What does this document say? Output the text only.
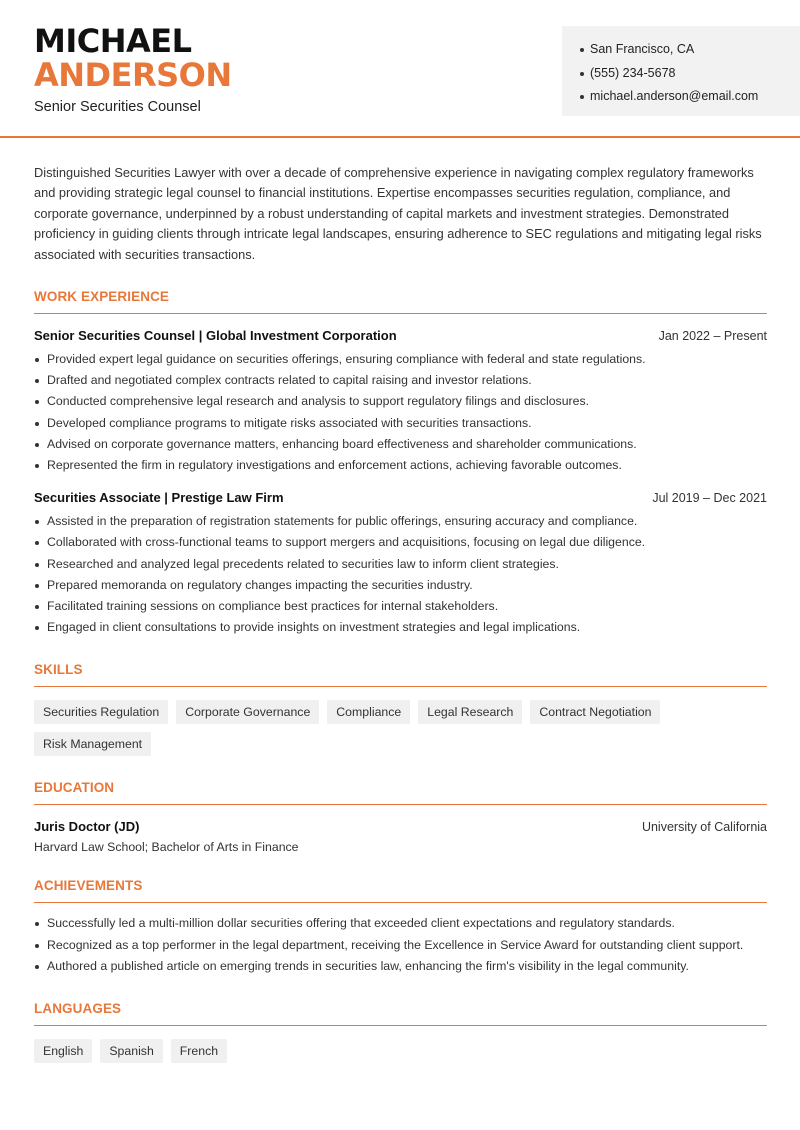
MICHAEL
ANDERSON
Senior Securities Counsel
San Francisco, CA
(555) 234-5678
michael.anderson@email.com

Distinguished Securities Lawyer with over a decade of comprehensive experience in navigating complex regulatory frameworks and providing strategic legal counsel to financial institutions. Expertise encompasses securities regulation, compliance, and corporate governance, underpinned by a robust understanding of capital markets and investment strategies. Demonstrated proficiency in guiding clients through intricate legal landscapes, ensuring adherence to SEC regulations and mitigating legal risks associated with securities transactions.

WORK EXPERIENCE
Senior Securities Counsel | Global Investment Corporation	Jan 2022 – Present
Provided expert legal guidance on securities offerings, ensuring compliance with federal and state regulations.
Drafted and negotiated complex contracts related to capital raising and investor relations.
Conducted comprehensive legal research and analysis to support regulatory filings and disclosures.
Developed compliance programs to mitigate risks associated with securities transactions.
Advised on corporate governance matters, enhancing board effectiveness and shareholder communications.
Represented the firm in regulatory investigations and enforcement actions, achieving favorable outcomes.
Securities Associate | Prestige Law Firm	Jul 2019 – Dec 2021
Assisted in the preparation of registration statements for public offerings, ensuring accuracy and compliance.
Collaborated with cross-functional teams to support mergers and acquisitions, focusing on legal due diligence.
Researched and analyzed legal precedents related to securities law to inform client strategies.
Prepared memoranda on regulatory changes impacting the securities industry.
Facilitated training sessions on compliance best practices for internal stakeholders.
Engaged in client consultations to provide insights on investment strategies and legal implications.
SKILLS
Securities Regulation	Corporate Governance	Compliance	Legal Research	Contract Negotiation
Risk Management
EDUCATION
Juris Doctor (JD)	University of California
Harvard Law School; Bachelor of Arts in Finance
ACHIEVEMENTS
Successfully led a multi-million dollar securities offering that exceeded client expectations and regulatory standards.
Recognized as a top performer in the legal department, receiving the Excellence in Service Award for outstanding client support.
Authored a published article on emerging trends in securities law, enhancing the firm's visibility in the legal community.
LANGUAGES
English	Spanish	French
